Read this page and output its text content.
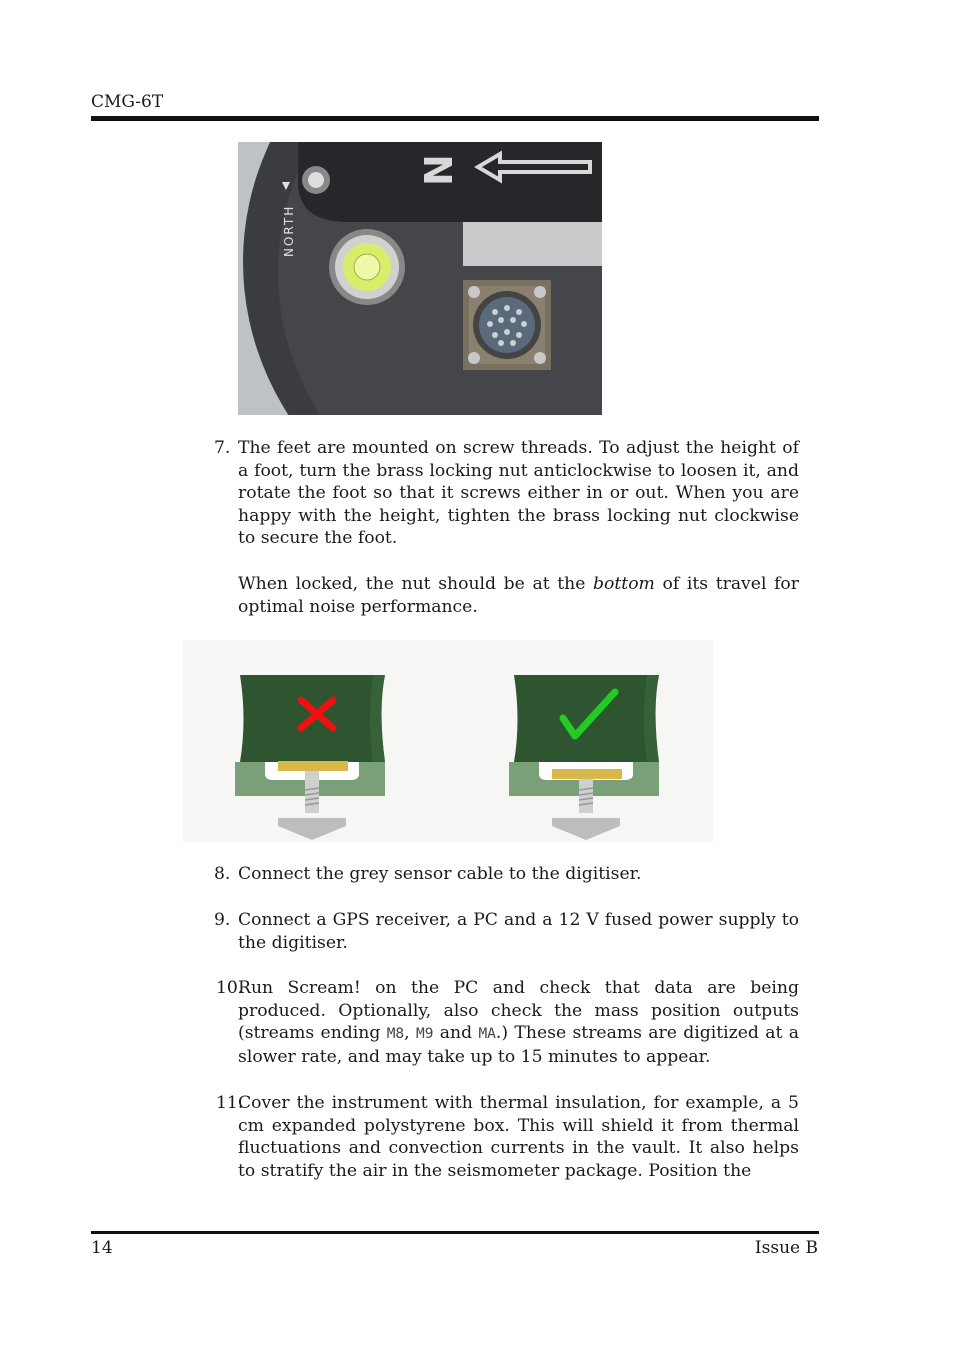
CMG-6T
N
NORTH
7. The feet are mounted on screw threads. To adjust the height of a foot, turn the brass locking nut anticlockwise to loosen it, and rotate the foot so that it screws either in or out. When you are happy with the height, tighten the brass locking nut clockwise to secure the foot.
When locked, the nut should be at the bottom of its travel for optimal noise performance.
8. Connect the grey sensor cable to the digitiser.
9. Connect a GPS receiver, a PC and a 12 V fused power supply to the digitiser.
10.
Run Scream! on the PC and check that data are being produced. Optionally, also check the mass position outputs (streams ending M8, M9 and MA.) These streams are digitized at a slower rate, and may take up to 15 minutes to appear.
11.
Cover the instrument with thermal insulation, for example, a 5 cm expanded polystyrene box. This will shield it from thermal fluctuations and convection currents in the vault. It also helps to stratify the air in the seismometer package. Position the
14	Issue B
